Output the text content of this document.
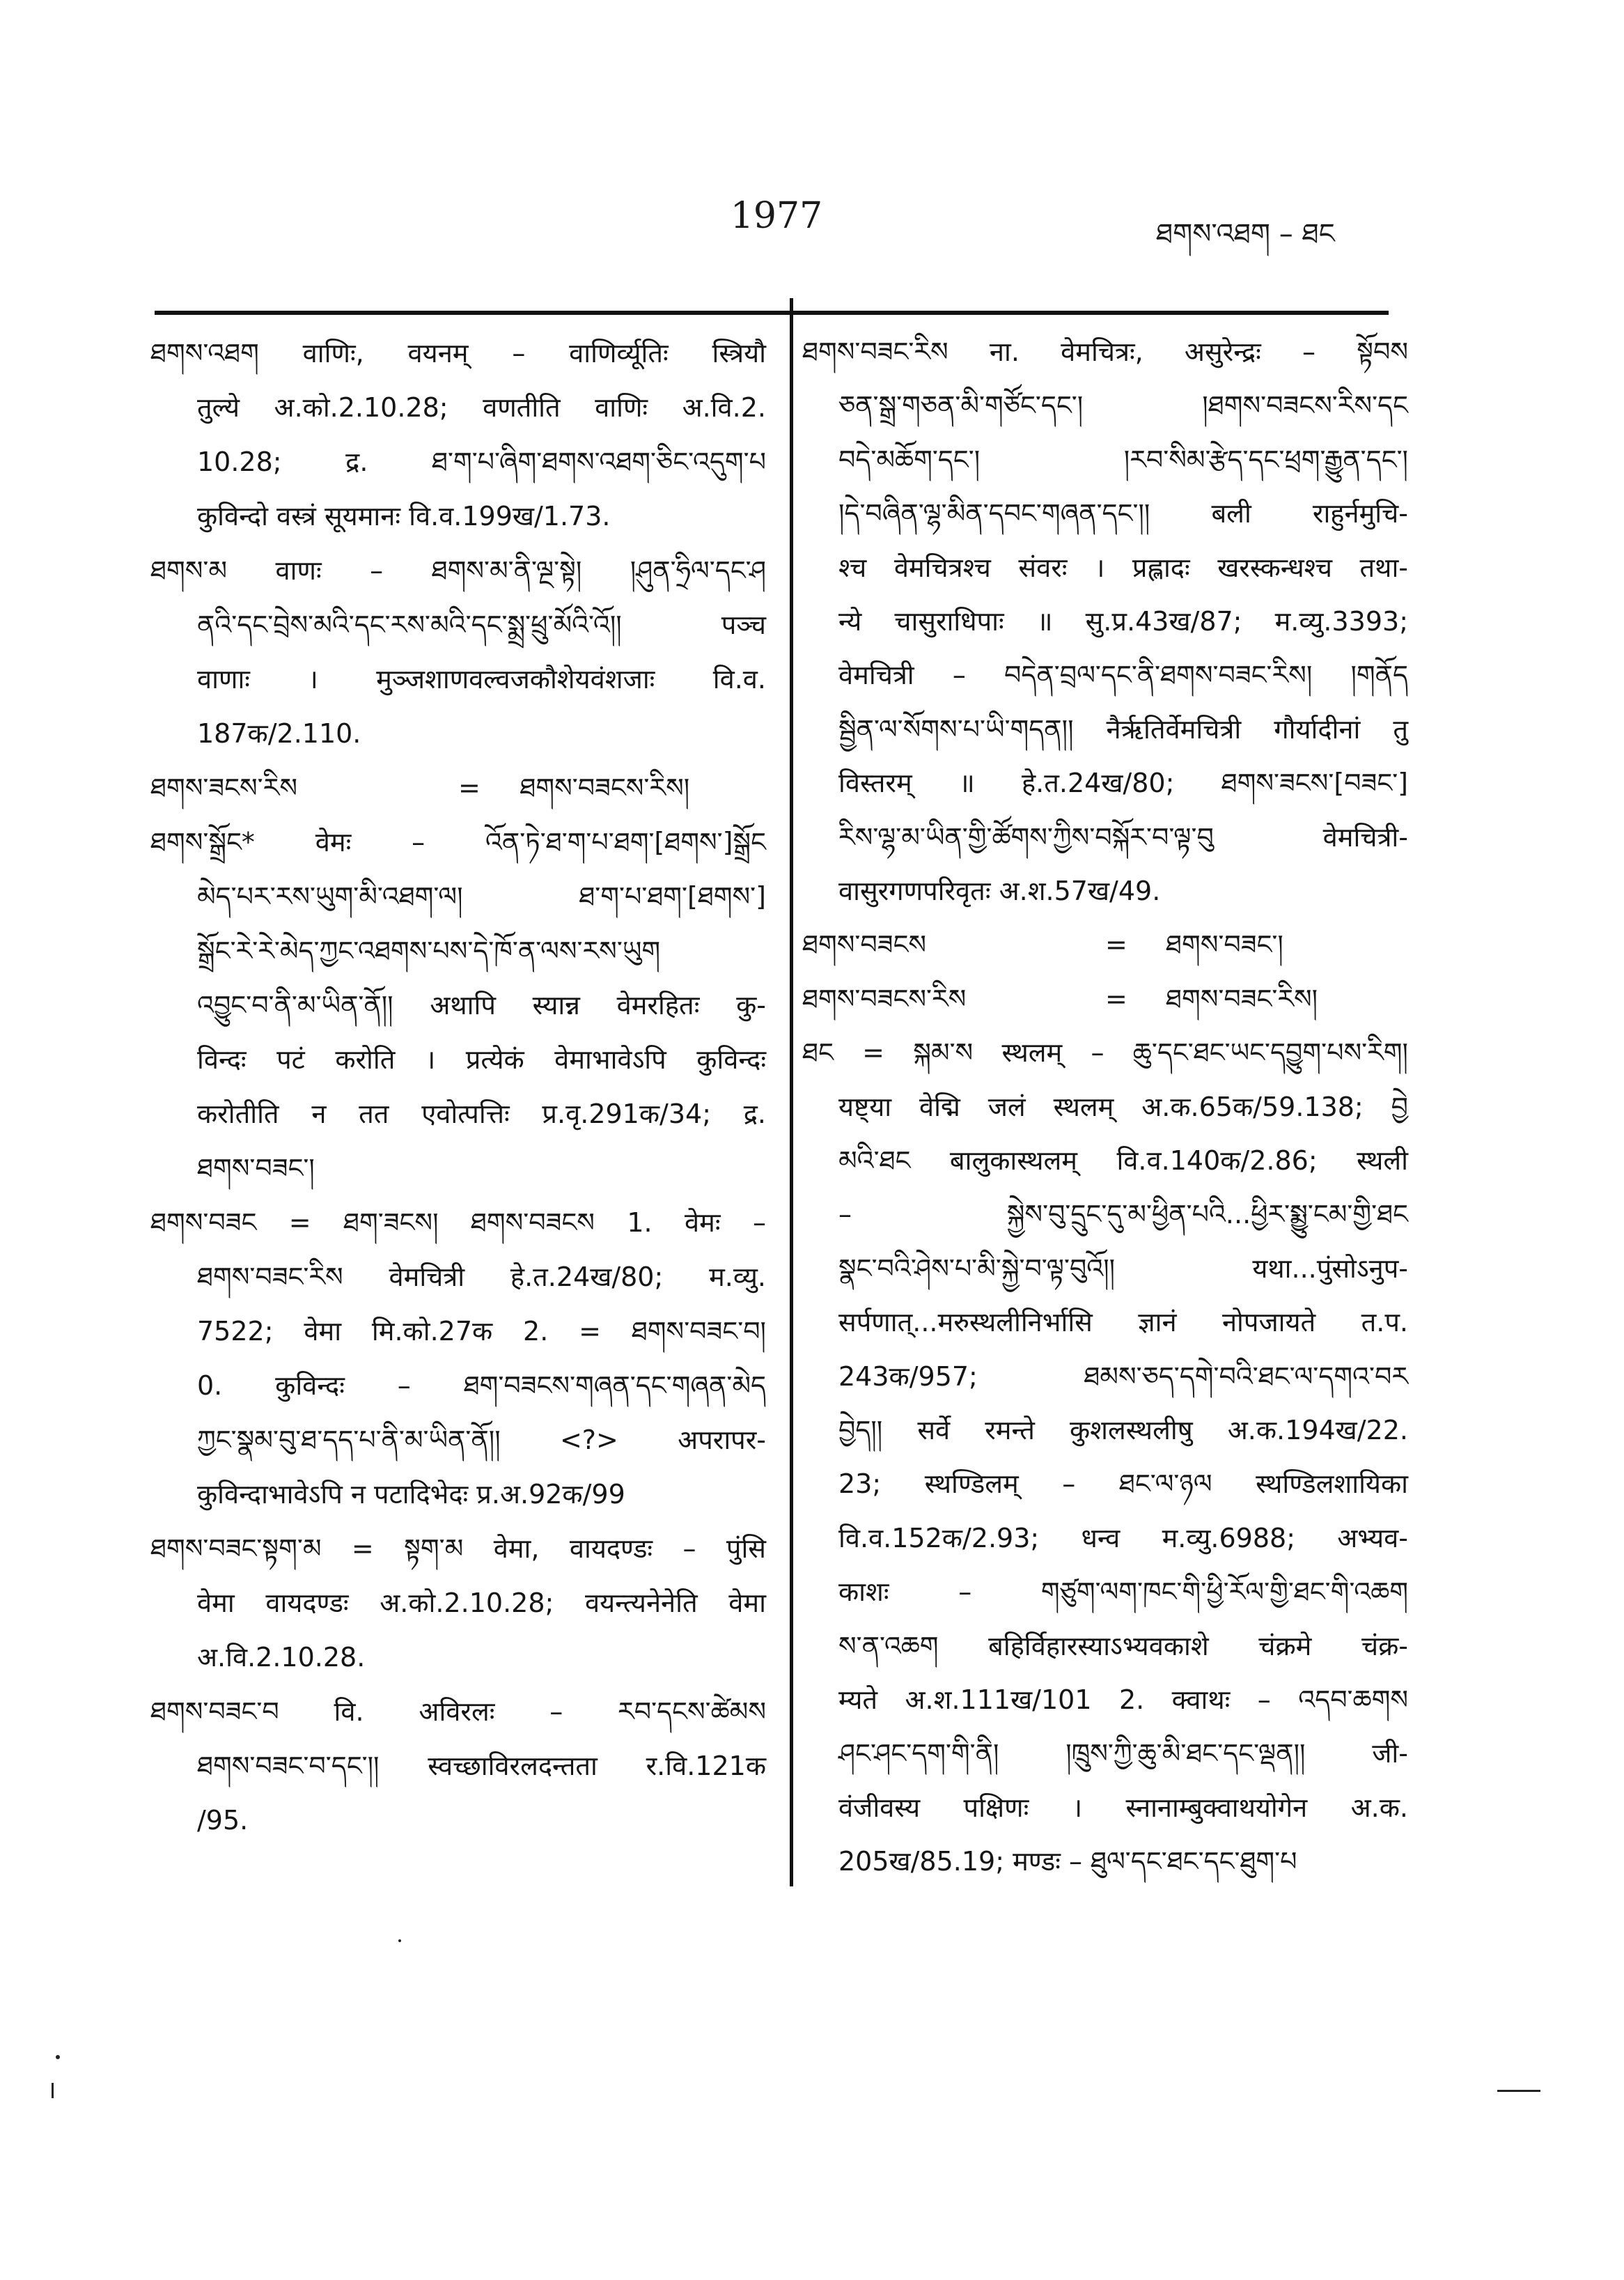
1977	ཐགས་འཐག – ཐང
ཐགས་འཐག वाणिः, वयनम् – वाणिर्व्यूतिः स्त्रियौ
तुल्ये अ.को.2.10.28; वणतीति वाणिः अ.वि.2.
10.28; द्र. ཐ་ག་པ་ཞིག་ཐགས་འཐག་ཅིང་འདུག་པ
कुविन्दो वस्त्रं सूयमानः वि.व.199ख/1.73.
ཐགས་མ वाणः – ཐགས་མ་ནི་ལྔ་སྟེ། །ཤུན་ཧྲིལ་དང་ཤ
ནའི་དང་བྲེས་མའི་དང་རས་མའི་དང་སྨྲ་ཕྲུ་མོའི་འོ།། पञ्च
वाणाः । मुञ्जशाणवल्वजकौशेयवंशजाः वि.व.
187क/2.110.
ཐགས་ཟངས་རིས	= ཐགས་བཟངས་རིས།
ཐགས་སྒྲོང* वेमः – འོན་ཏེ་ཐ་ག་པ་ཐག་[ཐགས་]སྒྲོང
མེད་པར་རས་ཡུག་མི་འཐག་ལ། ཐ་ག་པ་ཐག་[ཐགས་]
སྒྲོང་རེ་རེ་མེད་ཀྱང་འཐགས་པས་དེ་ཁོ་ན་ལས་རས་ཡུག
འབྱུང་བ་ནི་མ་ཡིན་ནོ།། अथापि स्यान्न वेमरहितः कु-
विन्दः पटं करोति । प्रत्येकं वेमाभावेऽपि कुविन्दः
करोतीति न तत एवोत्पत्तिः प्र.वृ.291क/34; द्र.
ཐགས་བཟང་།
ཐགས་བཟང = ཐག་ཟངས། ཐགས་བཟངས 1. वेमः –
ཐགས་བཟང་རིས वेमचित्री हे.त.24ख/80; म.व्यु.
7522; वेमा मि.को.27क 2. = ཐགས་བཟང་བ།
0. कुविन्दः – ཐག་བཟངས་གཞན་དང་གཞན་མེད
ཀྱང་སྣམ་བུ་ཐ་དད་པ་ནི་མ་ཡིན་ནོ།། <?> अपरापर-
कुविन्दाभावेऽपि न पटादिभेदः प्र.अ.92क/99
ཐགས་བཟང་སྟག་མ = སྟག་མ वेमा, वायदण्डः – पुंसि
वेमा वायदण्डः अ.को.2.10.28; वयन्त्यनेनेति वेमा
अ.वि.2.10.28.
ཐགས་བཟང་བ वि. अविरलः – རབ་དངས་ཚེམས
ཐགས་བཟང་བ་དང་།། स्वच्छाविरलदन्तता र.वि.121क
/95.
ཐགས་བཟང་རིས ना. वेमचित्रः, असुरेन्द्रः – སྟོབས
ཅན་སྒྲ་གཅན་མི་གཙོང་དང་། །ཐགས་བཟངས་རིས་དང
བདེ་མཆོག་དང་། །རབ་སིམ་རྩེད་དང་ཕྲག་རྒྱུན་དང་།
།དེ་བཞིན་ལྷ་མིན་དབང་གཞན་དང་།། बली राहुर्नमुचि-
श्च वेमचित्रश्च संवरः । प्रह्लादः खरस्कन्धश्च तथा-
न्ये चासुराधिपाः ॥ सु.प्र.43ख/87; म.व्यु.3393;
वेमचित्री – བདེན་བྲལ་དང་ནི་ཐགས་བཟང་རིས། །གནོད
སྦྱིན་ལ་སོགས་པ་ཡི་གདན།། नैर्ऋतिर्वेमचित्री गौर्यादीनां तु
विस्तरम् ॥ हे.त.24ख/80; ཐགས་ཟངས་[བཟང་]
རིས་ལྷ་མ་ཡིན་གྱི་ཚོགས་ཀྱིས་བསྐོར་བ་ལྟ་བུ वेमचित्री-
वासुरगणपरिवृतः अ.श.57ख/49.
ཐགས་བཟངས	= ཐགས་བཟང་།
ཐགས་བཟངས་རིས	= ཐགས་བཟང་རིས།
ཐང = སྐམ་ས स्थलम् – ཆུ་དང་ཐང་ཡང་དབྱུག་པས་རིག།
यष्ट्या वेद्मि जलं स्थलम् अ.क.65क/59.138; བྱེ
མའི་ཐང बालुकास्थलम् वि.व.140क/2.86; स्थली
– སྐྱེས་བུ་དྲུང་དུ་མ་ཕྱིན་པའི...ཕྱིར་སྨྱུ་ངམ་གྱི་ཐང
སྣང་བའི་ཤེས་པ་མི་སྐྱེ་བ་ལྟ་བུའོ།། यथा...पुंसोऽनुप-
सर्पणात्...मरुस्थलीनिर्भासि ज्ञानं नोपजायते त.प.
243क/957; ཐམས་ཅད་དགེ་བའི་ཐང་ལ་དགའ་བར
བྱེད།། सर्वे रमन्ते कुशलस्थलीषु अ.क.194ख/22.
23; स्थण्डिलम् – ཐང་ལ་ཉལ स्थण्डिलशायिका
वि.व.152क/2.93; धन्व म.व्यु.6988; अभ्यव-
काशः – གཙུག་ལག་ཁང་གི་ཕྱི་རོལ་གྱི་ཐང་གི་འཆག
ས་ན་འཆག बहिर्विहारस्याऽभ्यवकाशे चंक्रमे चंक्र-
म्यते अ.श.111ख/101 2. क्वाथः – འདབ་ཆགས
ཤང་ཤང་དག་གི་ནི། །ཁྲུས་ཀྱི་ཆུ་མི་ཐང་དང་ལྡན།། जी-
वंजीवस्य पक्षिणः । स्नानाम्बुक्वाथयोगेन अ.क.
205ख/85.19; मण्डः – ཐུལ་དང་ཐང་དང་ཐུག་པ
